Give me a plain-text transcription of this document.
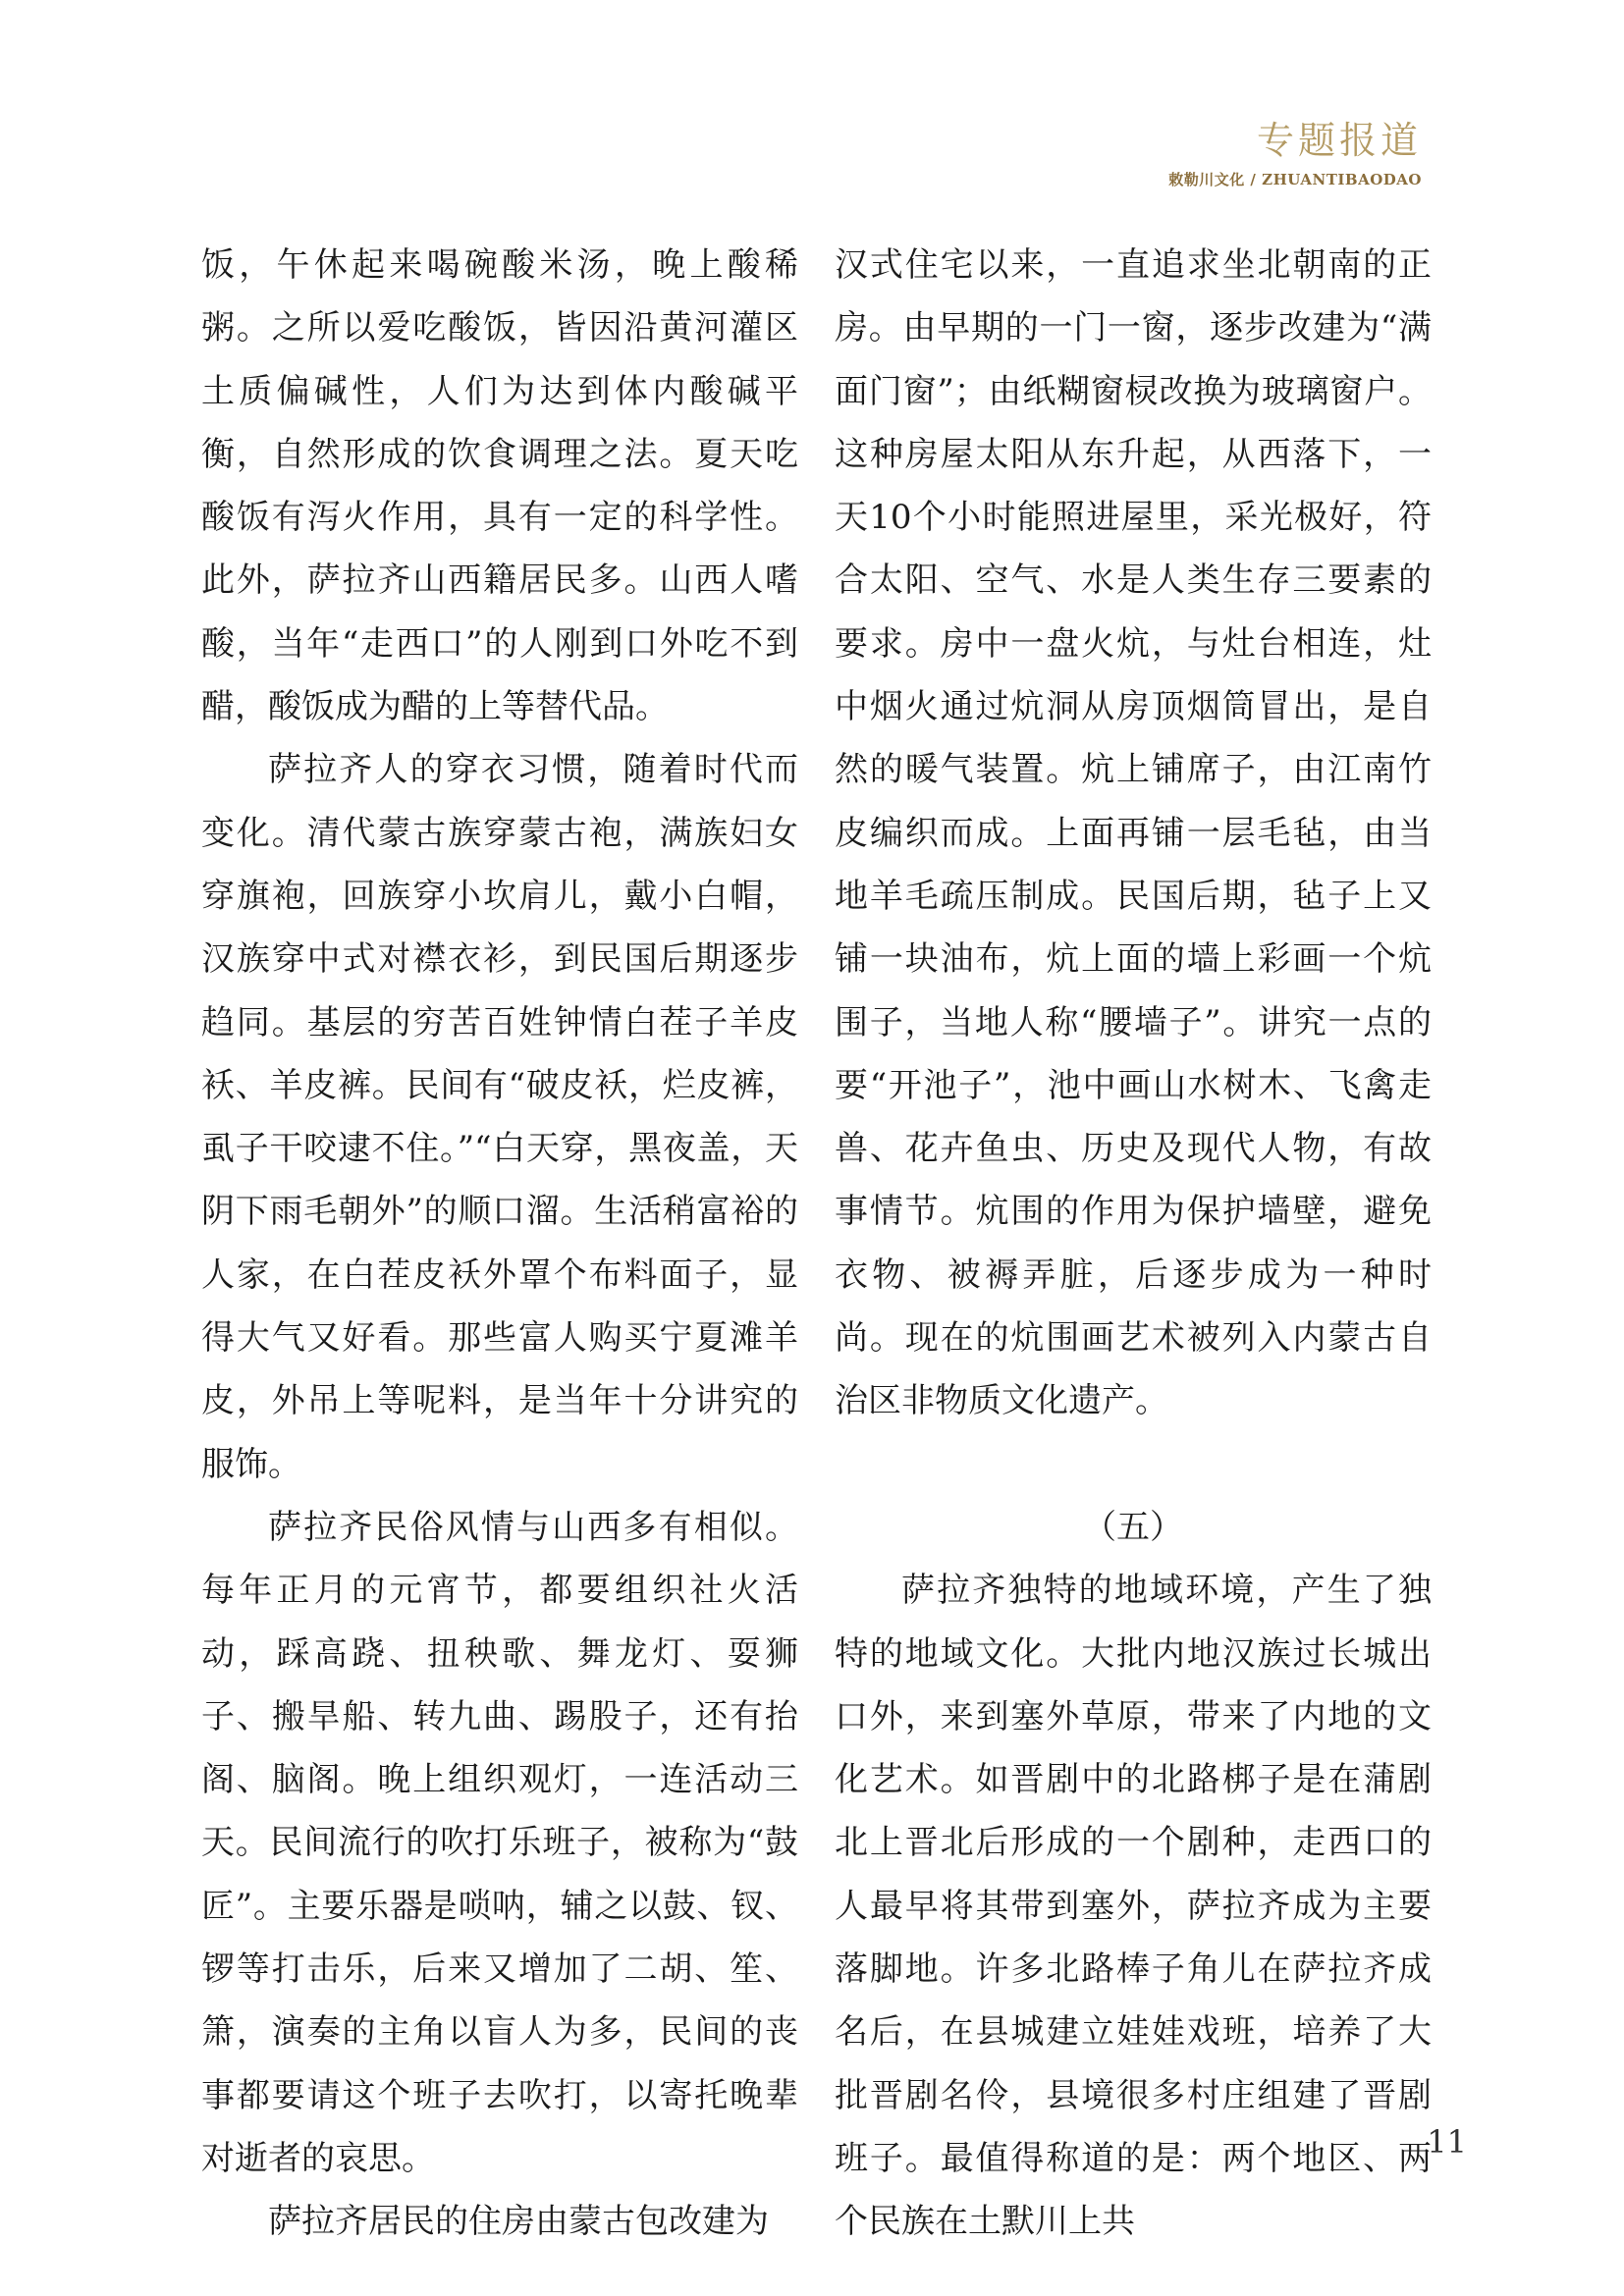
专题报道
敕勒川文化 / ZHUANTIBAODAO

饭，午休起来喝碗酸米汤，晚上酸稀粥。之所以爱吃酸饭，皆因沿黄河灌区土质偏碱性，人们为达到体内酸碱平衡，自然形成的饮食调理之法。夏天吃酸饭有泻火作用，具有一定的科学性。此外，萨拉齐山西籍居民多。山西人嗜酸，当年“走西口”的人刚到口外吃不到醋，酸饭成为醋的上等替代品。

萨拉齐人的穿衣习惯，随着时代而变化。清代蒙古族穿蒙古袍，满族妇女穿旗袍，回族穿小坎肩儿，戴小白帽，汉族穿中式对襟衣衫，到民国后期逐步趋同。基层的穷苦百姓钟情白茬子羊皮袄、羊皮裤。民间有“破皮袄，烂皮裤，虱子干咬逮不住。”“白天穿，黑夜盖，天阴下雨毛朝外”的顺口溜。生活稍富裕的人家，在白茬皮袄外罩个布料面子，显得大气又好看。那些富人购买宁夏滩羊皮，外吊上等呢料，是当年十分讲究的服饰。

萨拉齐民俗风情与山西多有相似。每年正月的元宵节，都要组织社火活动，踩高跷、扭秧歌、舞龙灯、耍狮子、搬旱船、转九曲、踢股子，还有抬阁、脑阁。晚上组织观灯，一连活动三天。民间流行的吹打乐班子，被称为“鼓匠”。主要乐器是唢呐，辅之以鼓、钗、锣等打击乐，后来又增加了二胡、笙、箫，演奏的主角以盲人为多，民间的丧事都要请这个班子去吹打，以寄托晚辈对逝者的哀思。

萨拉齐居民的住房由蒙古包改建为

汉式住宅以来，一直追求坐北朝南的正房。由早期的一门一窗，逐步改建为“满面门窗”；由纸糊窗棂改换为玻璃窗户。这种房屋太阳从东升起，从西落下，一天10个小时能照进屋里，采光极好，符合太阳、空气、水是人类生存三要素的要求。房中一盘火炕，与灶台相连，灶中烟火通过炕洞从房顶烟筒冒出，是自然的暖气装置。炕上铺席子，由江南竹皮编织而成。上面再铺一层毛毡，由当地羊毛疏压制成。民国后期，毡子上又铺一块油布，炕上面的墙上彩画一个炕围子，当地人称“腰墙子”。讲究一点的要“开池子”，池中画山水树木、飞禽走兽、花卉鱼虫、历史及现代人物，有故事情节。炕围的作用为保护墙壁，避免衣物、被褥弄脏，后逐步成为一种时尚。现在的炕围画艺术被列入内蒙古自治区非物质文化遗产。

（五）

萨拉齐独特的地域环境，产生了独特的地域文化。大批内地汉族过长城出口外，来到塞外草原，带来了内地的文化艺术。如晋剧中的北路梆子是在蒲剧北上晋北后形成的一个剧种，走西口的人最早将其带到塞外，萨拉齐成为主要落脚地。许多北路棒子角儿在萨拉齐成名后，在县城建立娃娃戏班，培养了大批晋剧名伶，县境很多村庄组建了晋剧班子。最值得称道的是：两个地区、两个民族在土默川上共

11
